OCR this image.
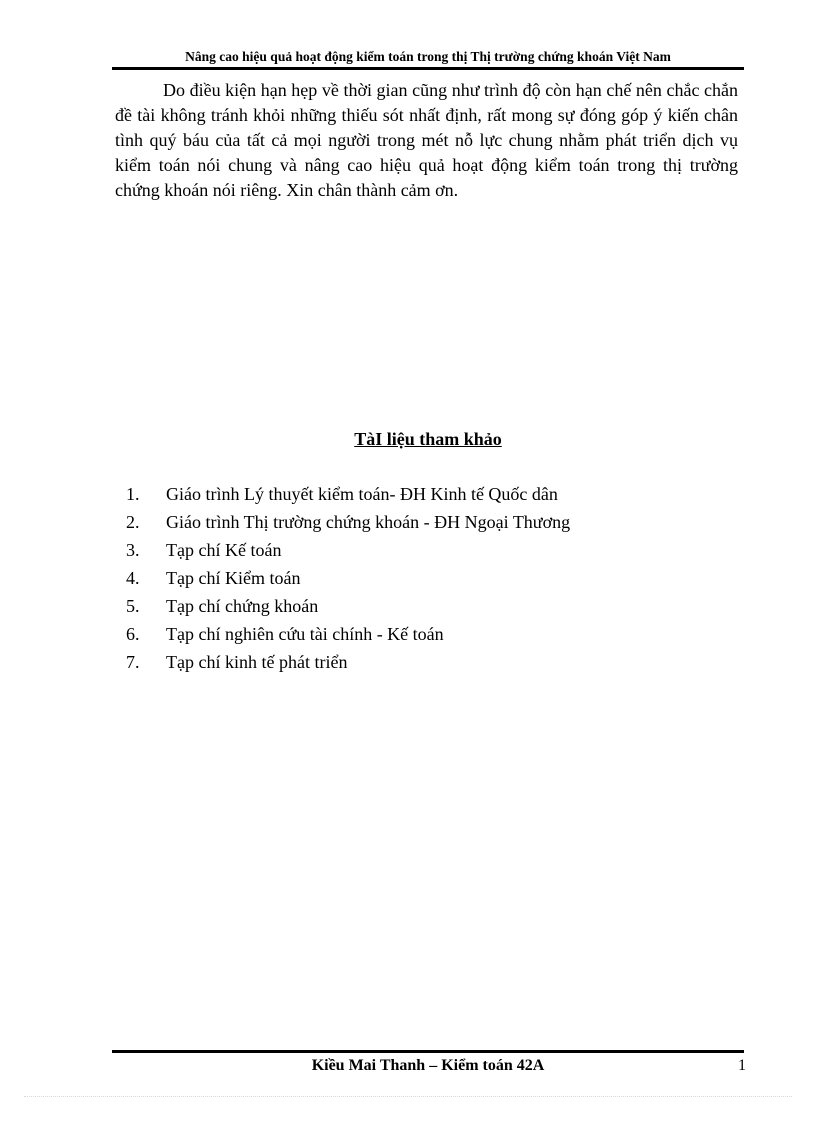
Nâng cao hiệu quả hoạt động kiểm toán trong thị Thị trường chứng khoán Việt Nam

Do điều kiện hạn hẹp về thời gian cũng như trình độ còn hạn chế nên chắc chắn đề tài không tránh khỏi những thiếu sót nhất định, rất mong sự đóng góp ý kiến chân tình quý báu của tất cả mọi người trong mét nỗ lực chung nhằm phát triển dịch vụ kiểm toán nói chung và nâng cao hiệu quả hoạt động kiểm toán trong thị trường chứng khoán nói riêng. Xin chân thành cảm ơn.

TàI liệu tham khảo
1.	Giáo trình Lý thuyết kiểm toán- ĐH Kinh tế Quốc dân
2.	Giáo trình Thị trường chứng khoán - ĐH Ngoại Thương
3.	Tạp chí Kế toán
4.	Tạp chí Kiểm toán
5.	Tạp chí chứng khoán
6.	Tạp chí nghiên cứu tài chính - Kế toán
7.	Tạp chí kinh tế phát triển
Kiều Mai Thanh – Kiểm toán 42A	1
